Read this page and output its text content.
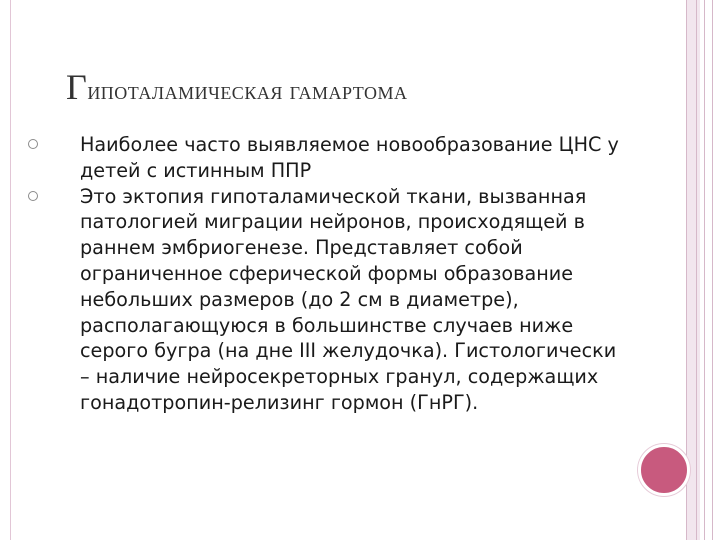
Гипоталамическая гамартома
Наиболее часто выявляемое новообразование ЦНС у детей с истинным ППР
Это эктопия гипоталамической ткани, вызванная патологией миграции нейронов, происходящей в раннем эмбриогенезе. Представляет собой ограниченное сферической формы образование небольших размеров (до 2 см в диаметре), располагающуюся в большинстве случаев ниже серого бугра (на дне III желудочка). Гистологически – наличие нейросекреторных гранул, содержащих гонадотропин-релизинг гормон (ГнРГ).
